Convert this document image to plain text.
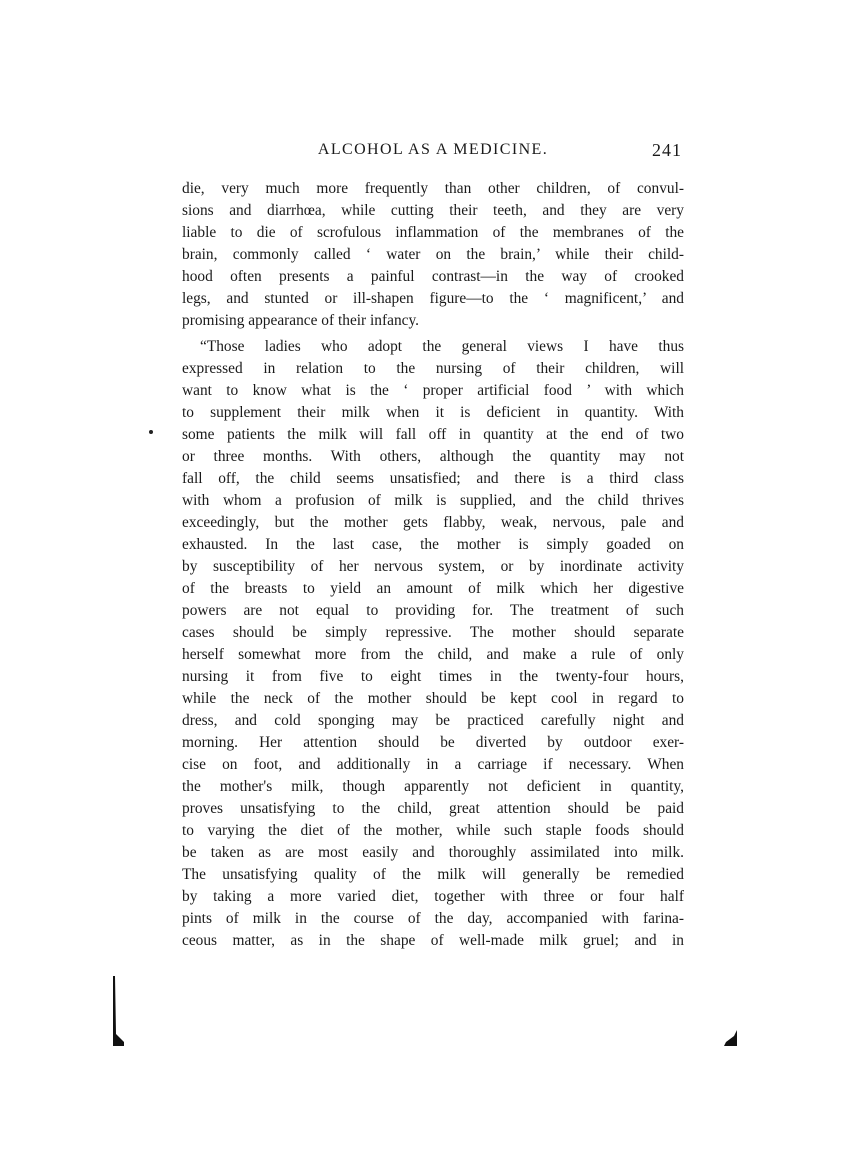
ALCOHOL AS A MEDICINE.	241
die, very much more frequently than other children, of convul-
sions and diarrhœa, while cutting their teeth, and they are very
liable to die of scrofulous inflammation of the membranes of the
brain, commonly called ‘ water on the brain,’ while their child-
hood often presents a painful contrast—in the way of crooked
legs, and stunted or ill-shapen figure—to the ‘ magnificent,’ and
promising appearance of their infancy.
“Those ladies who adopt the general views I have thus
expressed in relation to the nursing of their children, will
want to know what is the ‘ proper artificial food ’ with which
to supplement their milk when it is deficient in quantity. With
some patients the milk will fall off in quantity at the end of two
or three months. With others, although the quantity may not
fall off, the child seems unsatisfied; and there is a third class
with whom a profusion of milk is supplied, and the child thrives
exceedingly, but the mother gets flabby, weak, nervous, pale and
exhausted. In the last case, the mother is simply goaded on
by susceptibility of her nervous system, or by inordinate activity
of the breasts to yield an amount of milk which her digestive
powers are not equal to providing for. The treatment of such
cases should be simply repressive. The mother should separate
herself somewhat more from the child, and make a rule of only
nursing it from five to eight times in the twenty-four hours,
while the neck of the mother should be kept cool in regard to
dress, and cold sponging may be practiced carefully night and
morning. Her attention should be diverted by outdoor exer-
cise on foot, and additionally in a carriage if necessary. When
the mother's milk, though apparently not deficient in quantity,
proves unsatisfying to the child, great attention should be paid
to varying the diet of the mother, while such staple foods should
be taken as are most easily and thoroughly assimilated into milk.
The unsatisfying quality of the milk will generally be remedied
by taking a more varied diet, together with three or four half
pints of milk in the course of the day, accompanied with farina-
ceous matter, as in the shape of well-made milk gruel; and in
